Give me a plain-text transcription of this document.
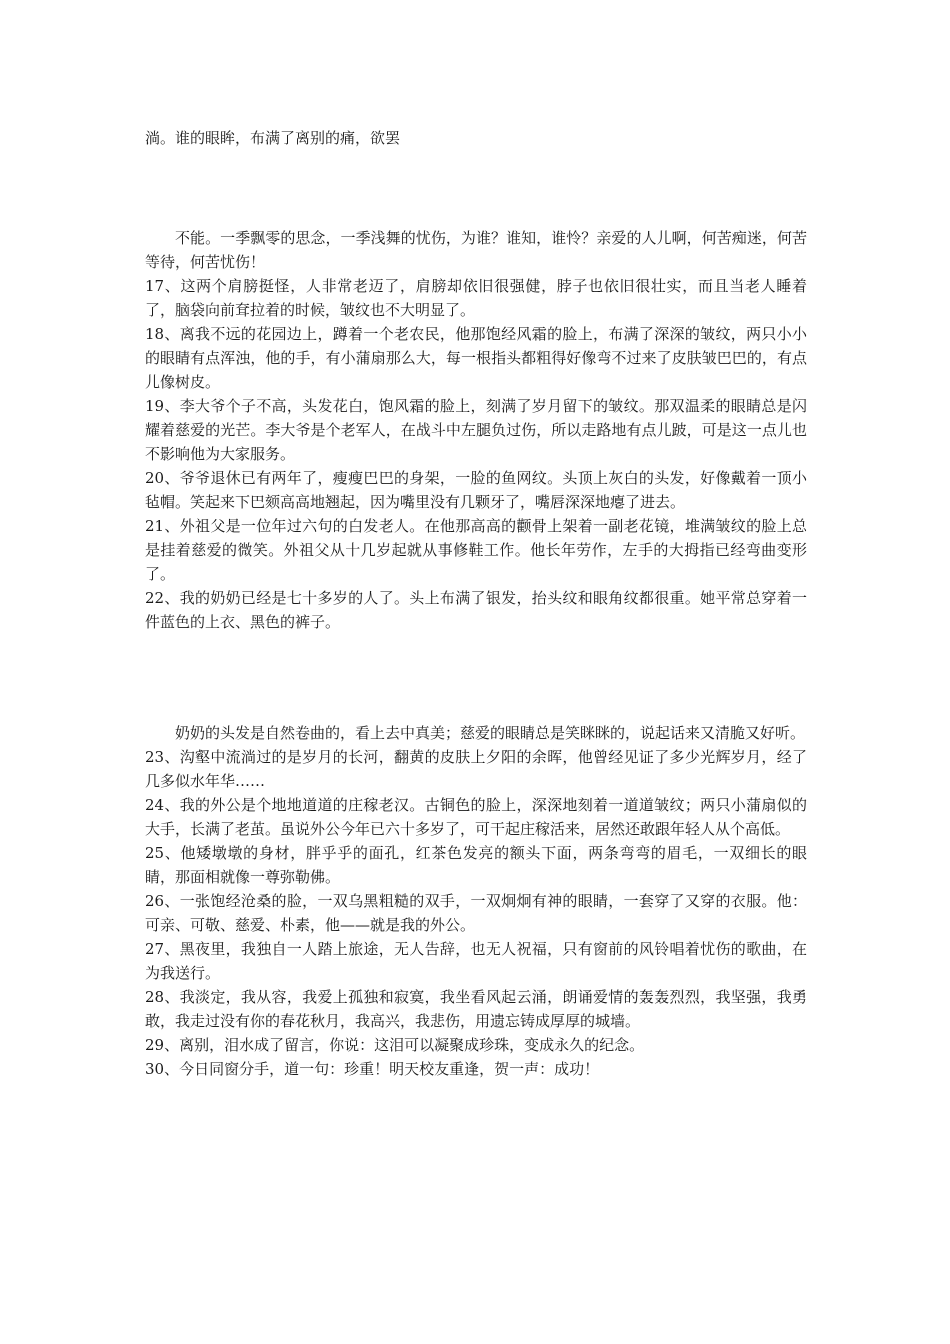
淌。谁的眼眸，布满了离别的痛，欲罢

不能。一季飘零的思念，一季浅舞的忧伤，为谁？谁知，谁怜？亲爱的人儿啊，何苦痴迷，何苦等待，何苦忧伤！

17、这两个肩膀挺怪，人非常老迈了，肩膀却依旧很强健，脖子也依旧很壮实，而且当老人睡着了，脑袋向前耷拉着的时候，皱纹也不大明显了。

18、离我不远的花园边上，蹲着一个老农民，他那饱经风霜的脸上，布满了深深的皱纹，两只小小的眼睛有点浑浊，他的手，有小蒲扇那么大，每一根指头都粗得好像弯不过来了皮肤皱巴巴的，有点儿像树皮。

19、李大爷个子不高，头发花白，饱风霜的脸上，刻满了岁月留下的皱纹。那双温柔的眼睛总是闪耀着慈爱的光芒。李大爷是个老军人，在战斗中左腿负过伤，所以走路地有点儿跛，可是这一点儿也不影响他为大家服务。

20、爷爷退休已有两年了，瘦瘦巴巴的身架，一脸的鱼网纹。头顶上灰白的头发，好像戴着一顶小毡帽。笑起来下巴颏高高地翘起，因为嘴里没有几颗牙了，嘴唇深深地瘪了进去。

21、外祖父是一位年过六句的白发老人。在他那高高的颧骨上架着一副老花镜，堆满皱纹的脸上总是挂着慈爱的微笑。外祖父从十几岁起就从事修鞋工作。他长年劳作，左手的大拇指已经弯曲变形了。

22、我的奶奶已经是七十多岁的人了。头上布满了银发，抬头纹和眼角纹都很重。她平常总穿着一件蓝色的上衣、黑色的裤子。

奶奶的头发是自然卷曲的，看上去中真美；慈爱的眼睛总是笑眯眯的，说起话来又清脆又好听。

23、沟壑中流淌过的是岁月的长河，翻黄的皮肤上夕阳的余晖，他曾经见证了多少光辉岁月，经了几多似水年华……

24、我的外公是个地地道道的庄稼老汉。古铜色的脸上，深深地刻着一道道皱纹；两只小蒲扇似的大手，长满了老茧。虽说外公今年已六十多岁了，可干起庄稼活来，居然还敢跟年轻人从个高低。

25、他矮墩墩的身材，胖乎乎的面孔，红茶色发亮的额头下面，两条弯弯的眉毛，一双细长的眼睛，那面相就像一尊弥勒佛。

26、一张饱经沧桑的脸，一双乌黑粗糙的双手，一双炯炯有神的眼睛，一套穿了又穿的衣服。他：可亲、可敬、慈爱、朴素，他——就是我的外公。

27、黑夜里，我独自一人踏上旅途，无人告辞，也无人祝福，只有窗前的风铃唱着忧伤的歌曲，在为我送行。

28、我淡定，我从容，我爱上孤独和寂寞，我坐看风起云涌，朗诵爱情的轰轰烈烈，我坚强，我勇敢，我走过没有你的春花秋月，我高兴，我悲伤，用遗忘铸成厚厚的城墙。

29、离别，泪水成了留言，你说：这泪可以凝聚成珍珠，变成永久的纪念。

30、今日同窗分手，道一句：珍重！明天校友重逢，贺一声：成功！
